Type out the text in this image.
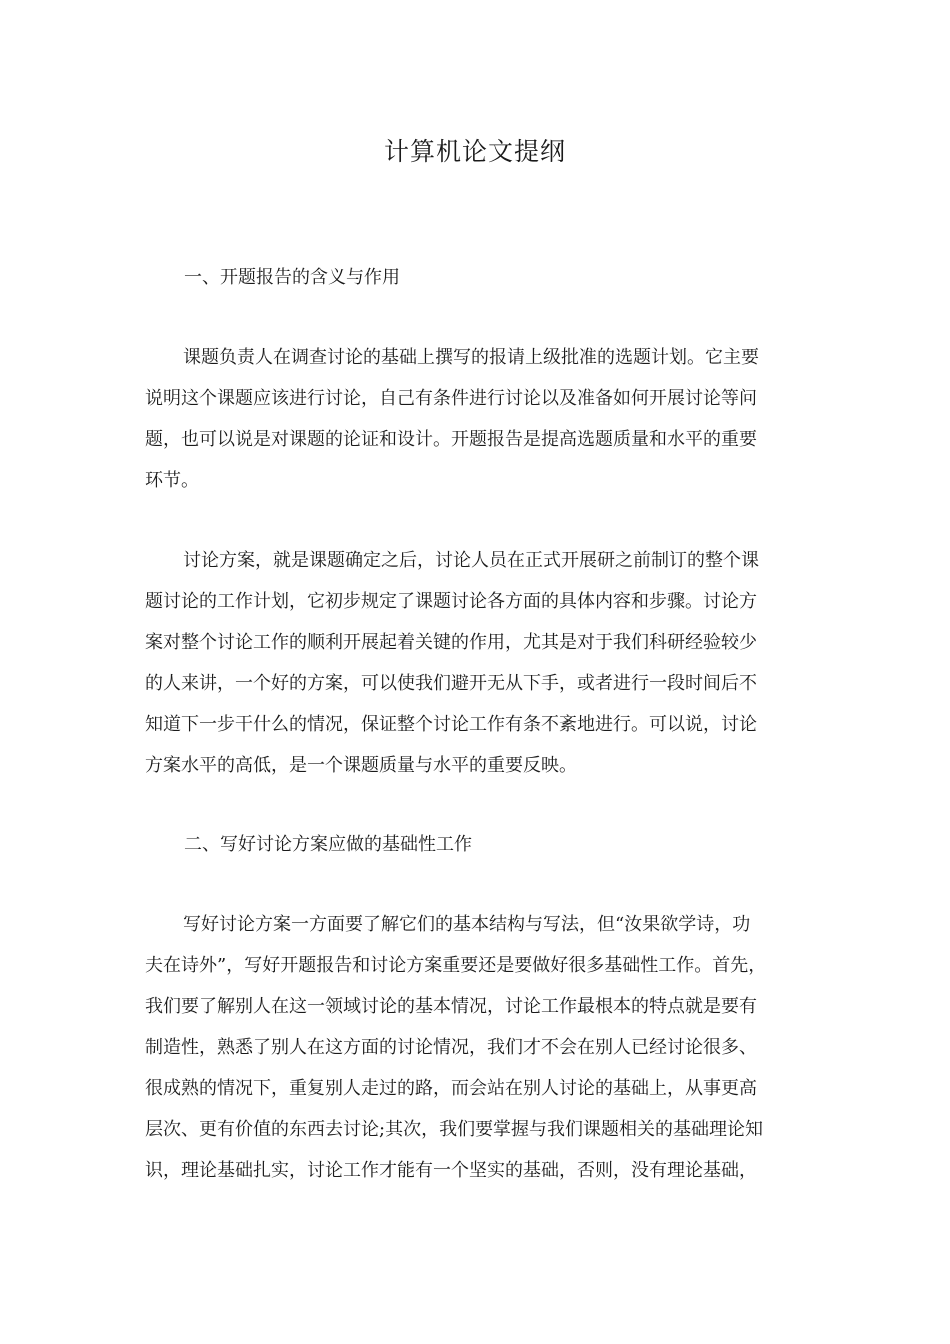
计算机论文提纲
一、开题报告的含义与作用
课题负责人在调查讨论的基础上撰写的报请上级批准的选题计划。它主要
说明这个课题应该进行讨论，自己有条件进行讨论以及准备如何开展讨论等问
题，也可以说是对课题的论证和设计。开题报告是提高选题质量和水平的重要
环节。
讨论方案，就是课题确定之后，讨论人员在正式开展研之前制订的整个课
题讨论的工作计划，它初步规定了课题讨论各方面的具体内容和步骤。讨论方
案对整个讨论工作的顺利开展起着关键的作用，尤其是对于我们科研经验较少
的人来讲，一个好的方案，可以使我们避开无从下手，或者进行一段时间后不
知道下一步干什么的情况，保证整个讨论工作有条不紊地进行。可以说，讨论
方案水平的高低，是一个课题质量与水平的重要反映。
二、写好讨论方案应做的基础性工作
写好讨论方案一方面要了解它们的基本结构与写法，但“汝果欲学诗，功
夫在诗外”，写好开题报告和讨论方案重要还是要做好很多基础性工作。首先，
我们要了解别人在这一领域讨论的基本情况，讨论工作最根本的特点就是要有
制造性，熟悉了别人在这方面的讨论情况，我们才不会在别人已经讨论很多、
很成熟的情况下，重复别人走过的路，而会站在别人讨论的基础上，从事更高
层次、更有价值的东西去讨论;其次，我们要掌握与我们课题相关的基础理论知
识，理论基础扎实，讨论工作才能有一个坚实的基础，否则，没有理论基础，
